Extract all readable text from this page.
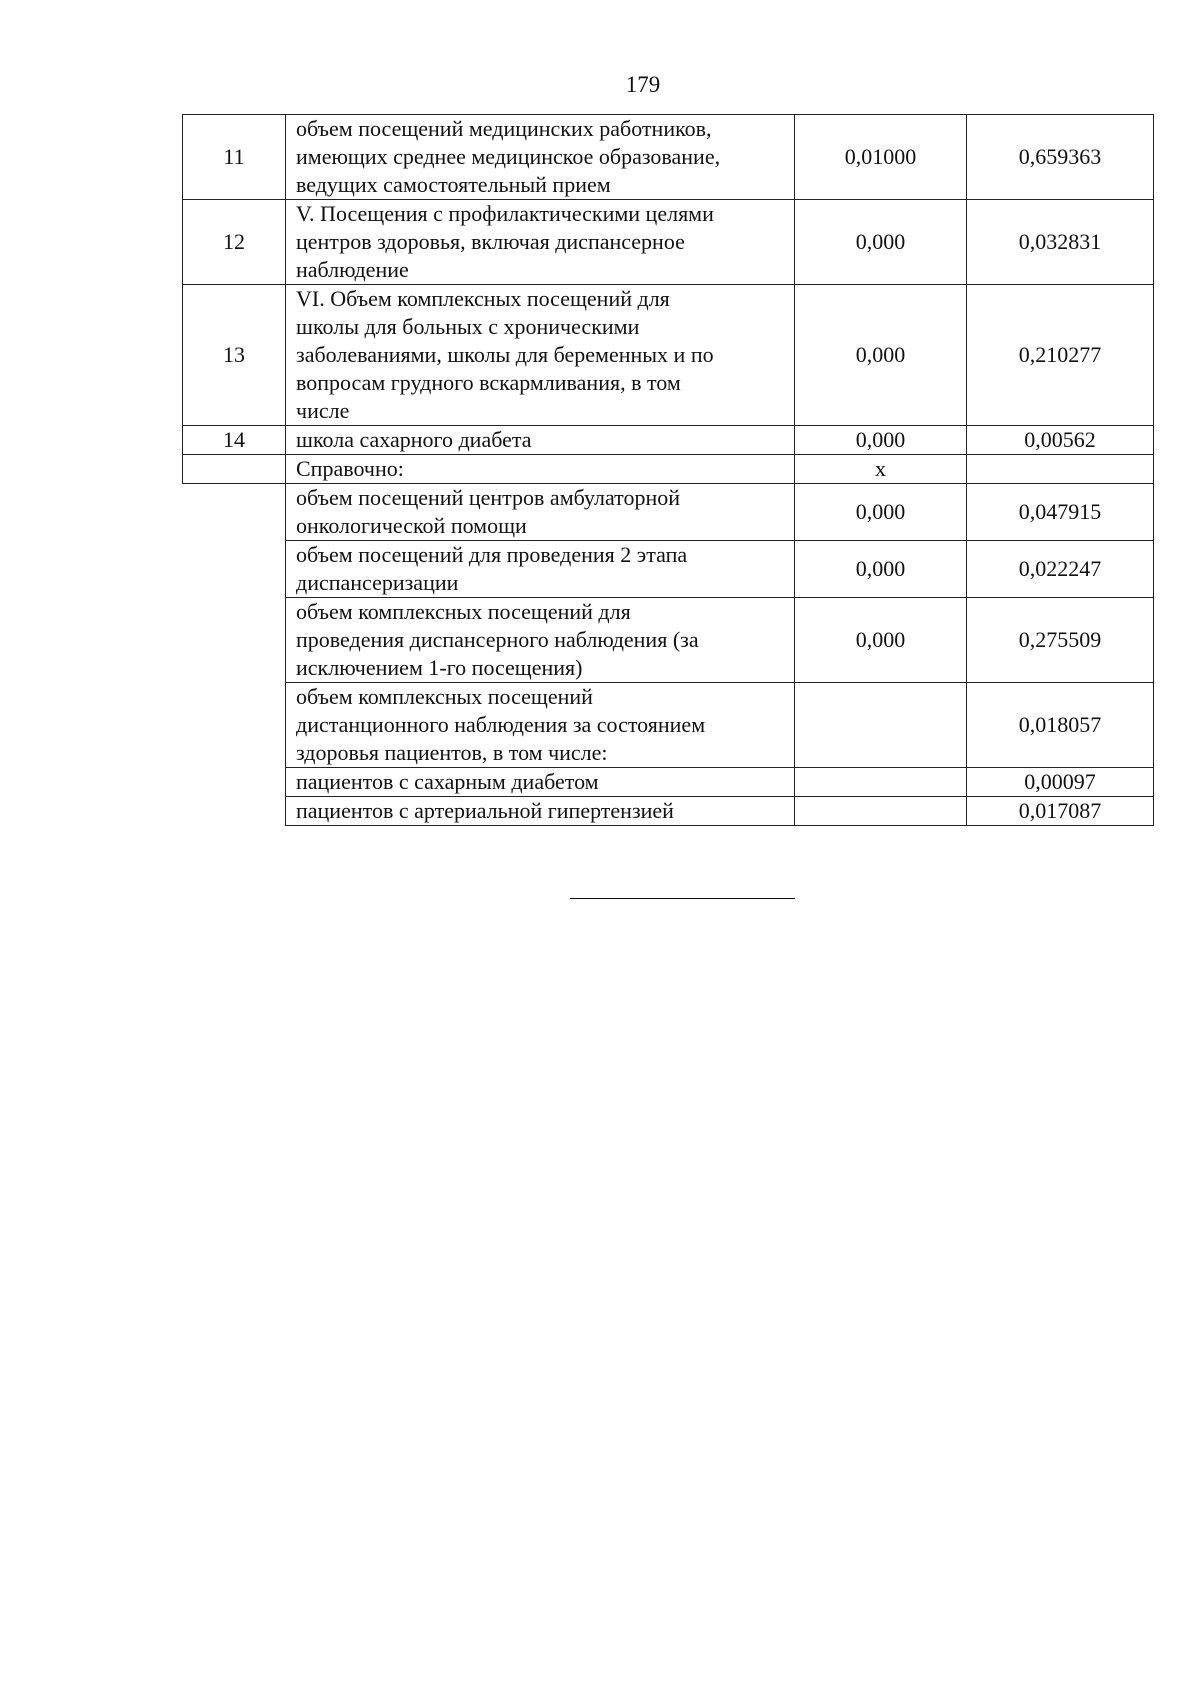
179
11	объем посещений медицинских работников,
имеющих среднее медицинское образование,
ведущих самостоятельный прием	0,01000	0,659363
12	V. Посещения с профилактическими целями
центров здоровья, включая диспансерное
наблюдение	0,000	0,032831
13	VI. Объем комплексных посещений для
школы для больных с хроническими
заболеваниями, школы для беременных и по
вопросам грудного вскармливания, в том
числе	0,000	0,210277
14	школа сахарного диабета	0,000	0,00562

	Справочно:	х	

	объем посещений центров амбулаторной
онкологической помощи	0,000	0,047915

	объем посещений для проведения 2 этапа
диспансеризации	0,000	0,022247

	объем комплексных посещений для
проведения диспансерного наблюдения (за
исключением 1-го посещения)	0,000	0,275509

	объем комплексных посещений
дистанционного наблюдения за состоянием
здоровья пациентов, в том числе:		0,018057

	пациентов с сахарным диабетом		0,00097

	пациентов с артериальной гипертензией		0,017087
